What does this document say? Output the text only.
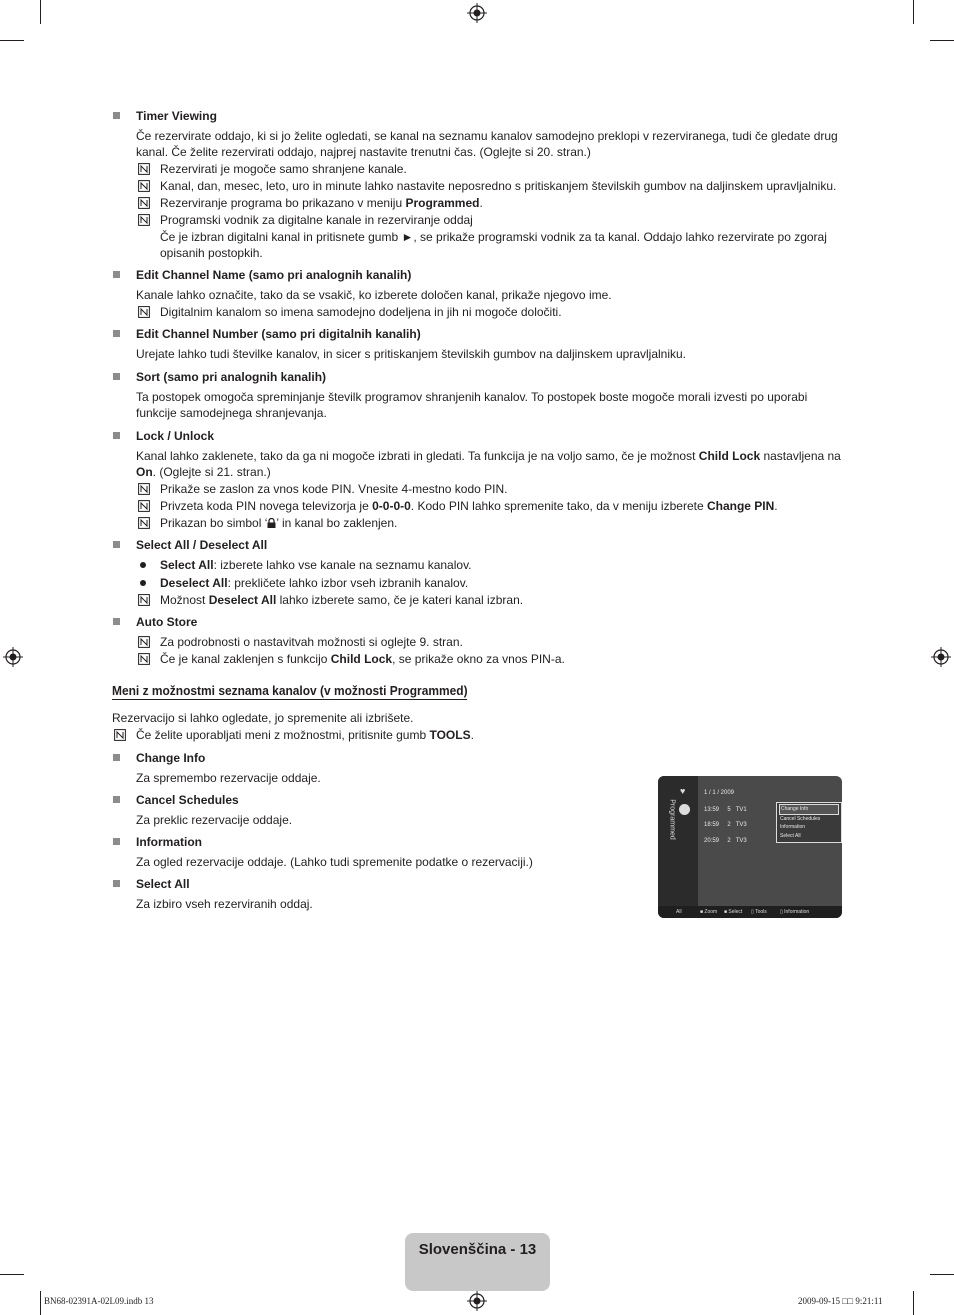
Timer Viewing
Če rezervirate oddajo, ki si jo želite ogledati, se kanal na seznamu kanalov samodejno preklopi v rezerviranega, tudi če gledate drug kanal. Če želite rezervirati oddajo, najprej nastavite trenutni čas. (Oglejte si 20. stran.)
Rezervirati je mogoče samo shranjene kanale.
Kanal, dan, mesec, leto, uro in minute lahko nastavite neposredno s pritiskanjem številskih gumbov na daljinskem upravljalniku.
Rezerviranje programa bo prikazano v meniju Programmed.
Programski vodnik za digitalne kanale in rezerviranje oddaj
Če je izbran digitalni kanal in pritisnete gumb ►, se prikaže programski vodnik za ta kanal. Oddajo lahko rezervirate po zgoraj opisanih postopkih.
Edit Channel Name (samo pri analognih kanalih)
Kanale lahko označite, tako da se vsakič, ko izberete določen kanal, prikaže njegovo ime.
Digitalnim kanalom so imena samodejno dodeljena in jih ni mogoče določiti.
Edit Channel Number (samo pri digitalnih kanalih)
Urejate lahko tudi številke kanalov, in sicer s pritiskanjem številskih gumbov na daljinskem upravljalniku.
Sort (samo pri analognih kanalih)
Ta postopek omogoča spreminjanje številk programov shranjenih kanalov. To postopek boste mogoče morali izvesti po uporabi funkcije samodejnega shranjevanja.
Lock / Unlock
Kanal lahko zaklenete, tako da ga ni mogoče izbrati in gledati. Ta funkcija je na voljo samo, če je možnost Child Lock nastavljena na On. (Oglejte si 21. stran.)
Prikaže se zaslon za vnos kode PIN. Vnesite 4-mestno kodo PIN.
Privzeta koda PIN novega televizorja je 0-0-0-0. Kodo PIN lahko spremenite tako, da v meniju izberete Change PIN.
Prikazan bo simbol ‘ ’ in kanal bo zaklenjen.
Select All / Deselect All
Select All: izberete lahko vse kanale na seznamu kanalov.
Deselect All: prekličete lahko izbor vseh izbranih kanalov.
Možnost Deselect All lahko izberete samo, če je kateri kanal izbran.
Auto Store
Za podrobnosti o nastavitvah možnosti si oglejte 9. stran.
Če je kanal zaklenjen s funkcijo Child Lock, se prikaže okno za vnos PIN-a.
Meni z možnostmi seznama kanalov (v možnosti Programmed)
Rezervacijo si lahko ogledate, jo spremenite ali izbrišete.
Če želite uporabljati meni z možnostmi, pritisnite gumb TOOLS.
Change Info
Za spremembo rezervacije oddaje.
Cancel Schedules
Za preklic rezervacije oddaje.
Information
Za ogled rezervacije oddaje. (Lahko tudi spremenite podatke o rezervaciji.)
Select All
Za izbiro vseh rezerviranih oddaj.
♥
Programmed
1 / 1 / 2009
13:59 5 TV1
18:59 2 TV3
20:59 2 TV3
Change Info
Cancel Schedules
Information
Select All
All	■ Zoom ■ Select ▯ Tools	▯ Information
Slovenščina - 13
BN68-02391A-02L09.indb 13	2009-09-15 □□ 9:21:11
